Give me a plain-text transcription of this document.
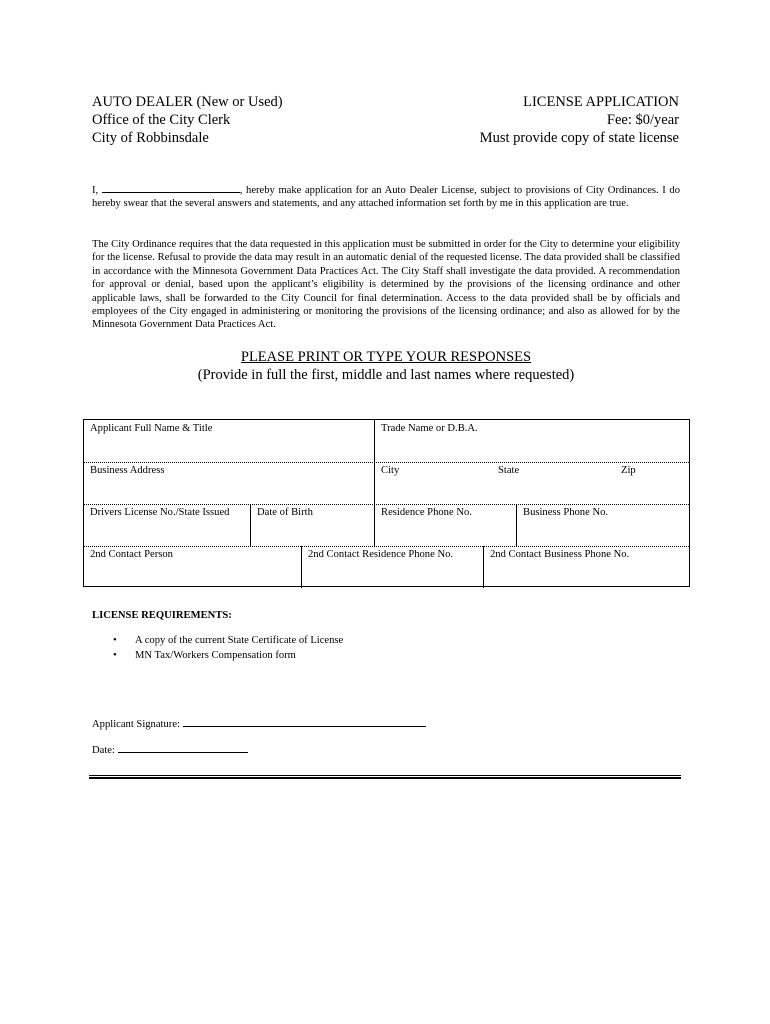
AUTO DEALER (New or Used)
Office of the City Clerk
City of Robbinsdale
LICENSE APPLICATION
Fee: $0/year
Must provide copy of state license
I,	, hereby make application for an Auto Dealer License, subject to provisions of City Ordinances. I do hereby swear that the several answers and statements, and any attached information set forth by me in this application are true.
The City Ordinance requires that the data requested in this application must be submitted in order for the City to determine your eligibility for the license. Refusal to provide the data may result in an automatic denial of the requested license. The data provided shall be classified in accordance with the Minnesota Government Data Practices Act. The City Staff shall investigate the data provided. A recommendation for approval or denial, based upon the applicant’s eligibility is determined by the provisions of the licensing ordinance and other applicable laws, shall be forwarded to the City Council for final determination. Access to the data provided shall be by officials and employees of the City engaged in administering or monitoring the provisions of the licensing ordinance; and also as allowed for by the Minnesota Government Data Practices Act.
PLEASE PRINT OR TYPE YOUR RESPONSES
(Provide in full the first, middle and last names where requested)
Applicant Full Name & Title	Trade Name or D.B.A.
Business Address	City	State	Zip
Drivers License No./State Issued	Date of Birth	Residence Phone No.	Business Phone No.
2nd Contact Person	2nd Contact Residence Phone No.	2nd Contact Business Phone No.
LICENSE REQUIREMENTS:
• A copy of the current State Certificate of License
• MN Tax/Workers Compensation form
Applicant Signature:
Date:
